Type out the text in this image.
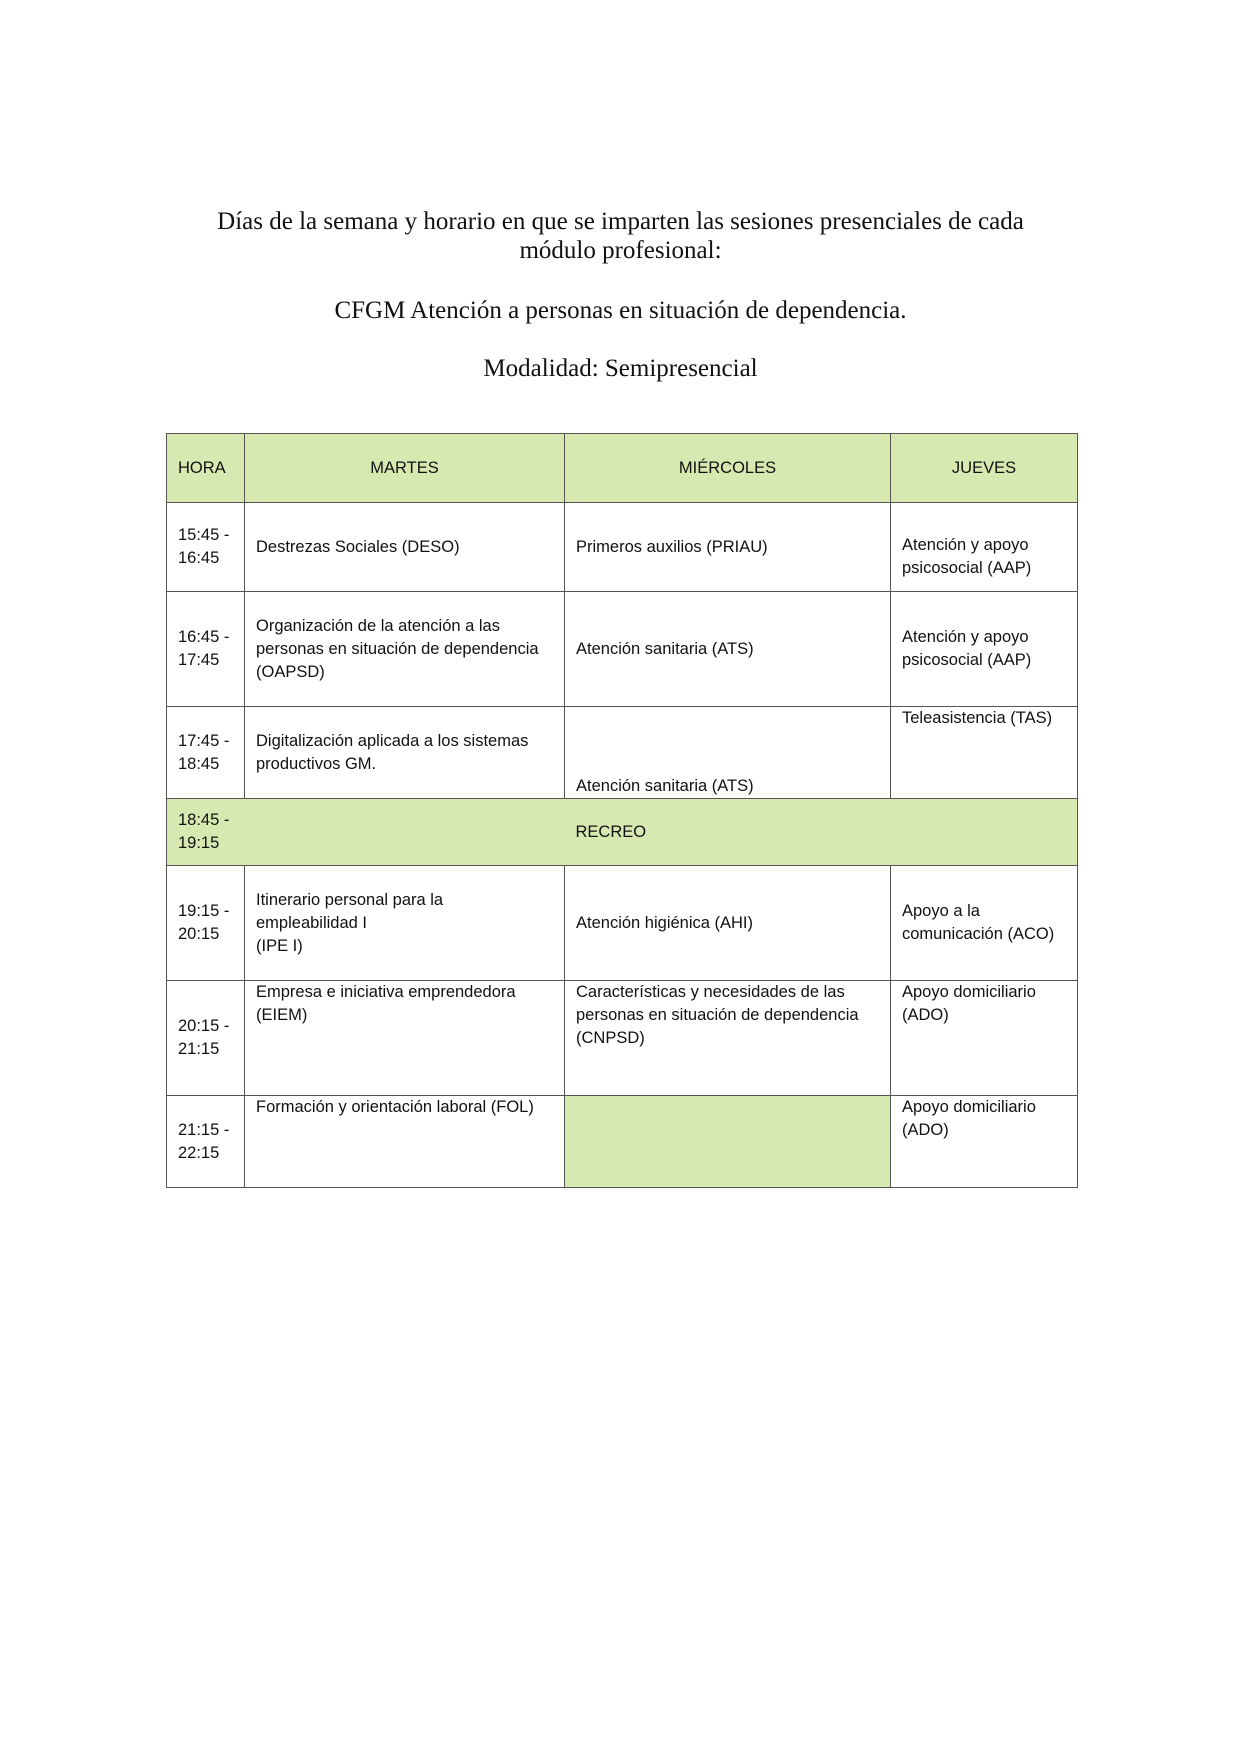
Días de la semana y horario en que se imparten las sesiones presenciales de cada
módulo profesional:
CFGM Atención a personas en situación de dependencia.
Modalidad: Semipresencial
HORA	MARTES	MIÉRCOLES	JUEVES

15:45 -
16:45	Destrezas Sociales (DESO)	Primeros auxilios (PRIAU)	Atención y apoyo
psicosocial (AAP)

16:45 -
17:45	Organización de la atención a las
personas en situación de dependencia
(OAPSD)	Atención sanitaria (ATS)	Atención y apoyo
psicosocial (AAP)

17:45 -
18:45	Digitalización aplicada a los sistemas
productivos GM.	Atención sanitaria (ATS)	Teleasistencia (TAS)

18:45 -
19:15		RECREO	

19:15 -
20:15	Itinerario personal para la
empleabilidad I
(IPE I)	Atención higiénica (AHI)	Apoyo a la
comunicación (ACO)

20:15 -
21:15	Empresa e iniciativa emprendedora
(EIEM)	Características y necesidades de las
personas en situación de dependencia
(CNPSD)	Apoyo domiciliario
(ADO)

21:15 -
22:15	Formación y orientación laboral (FOL)		Apoyo domiciliario
(ADO)
